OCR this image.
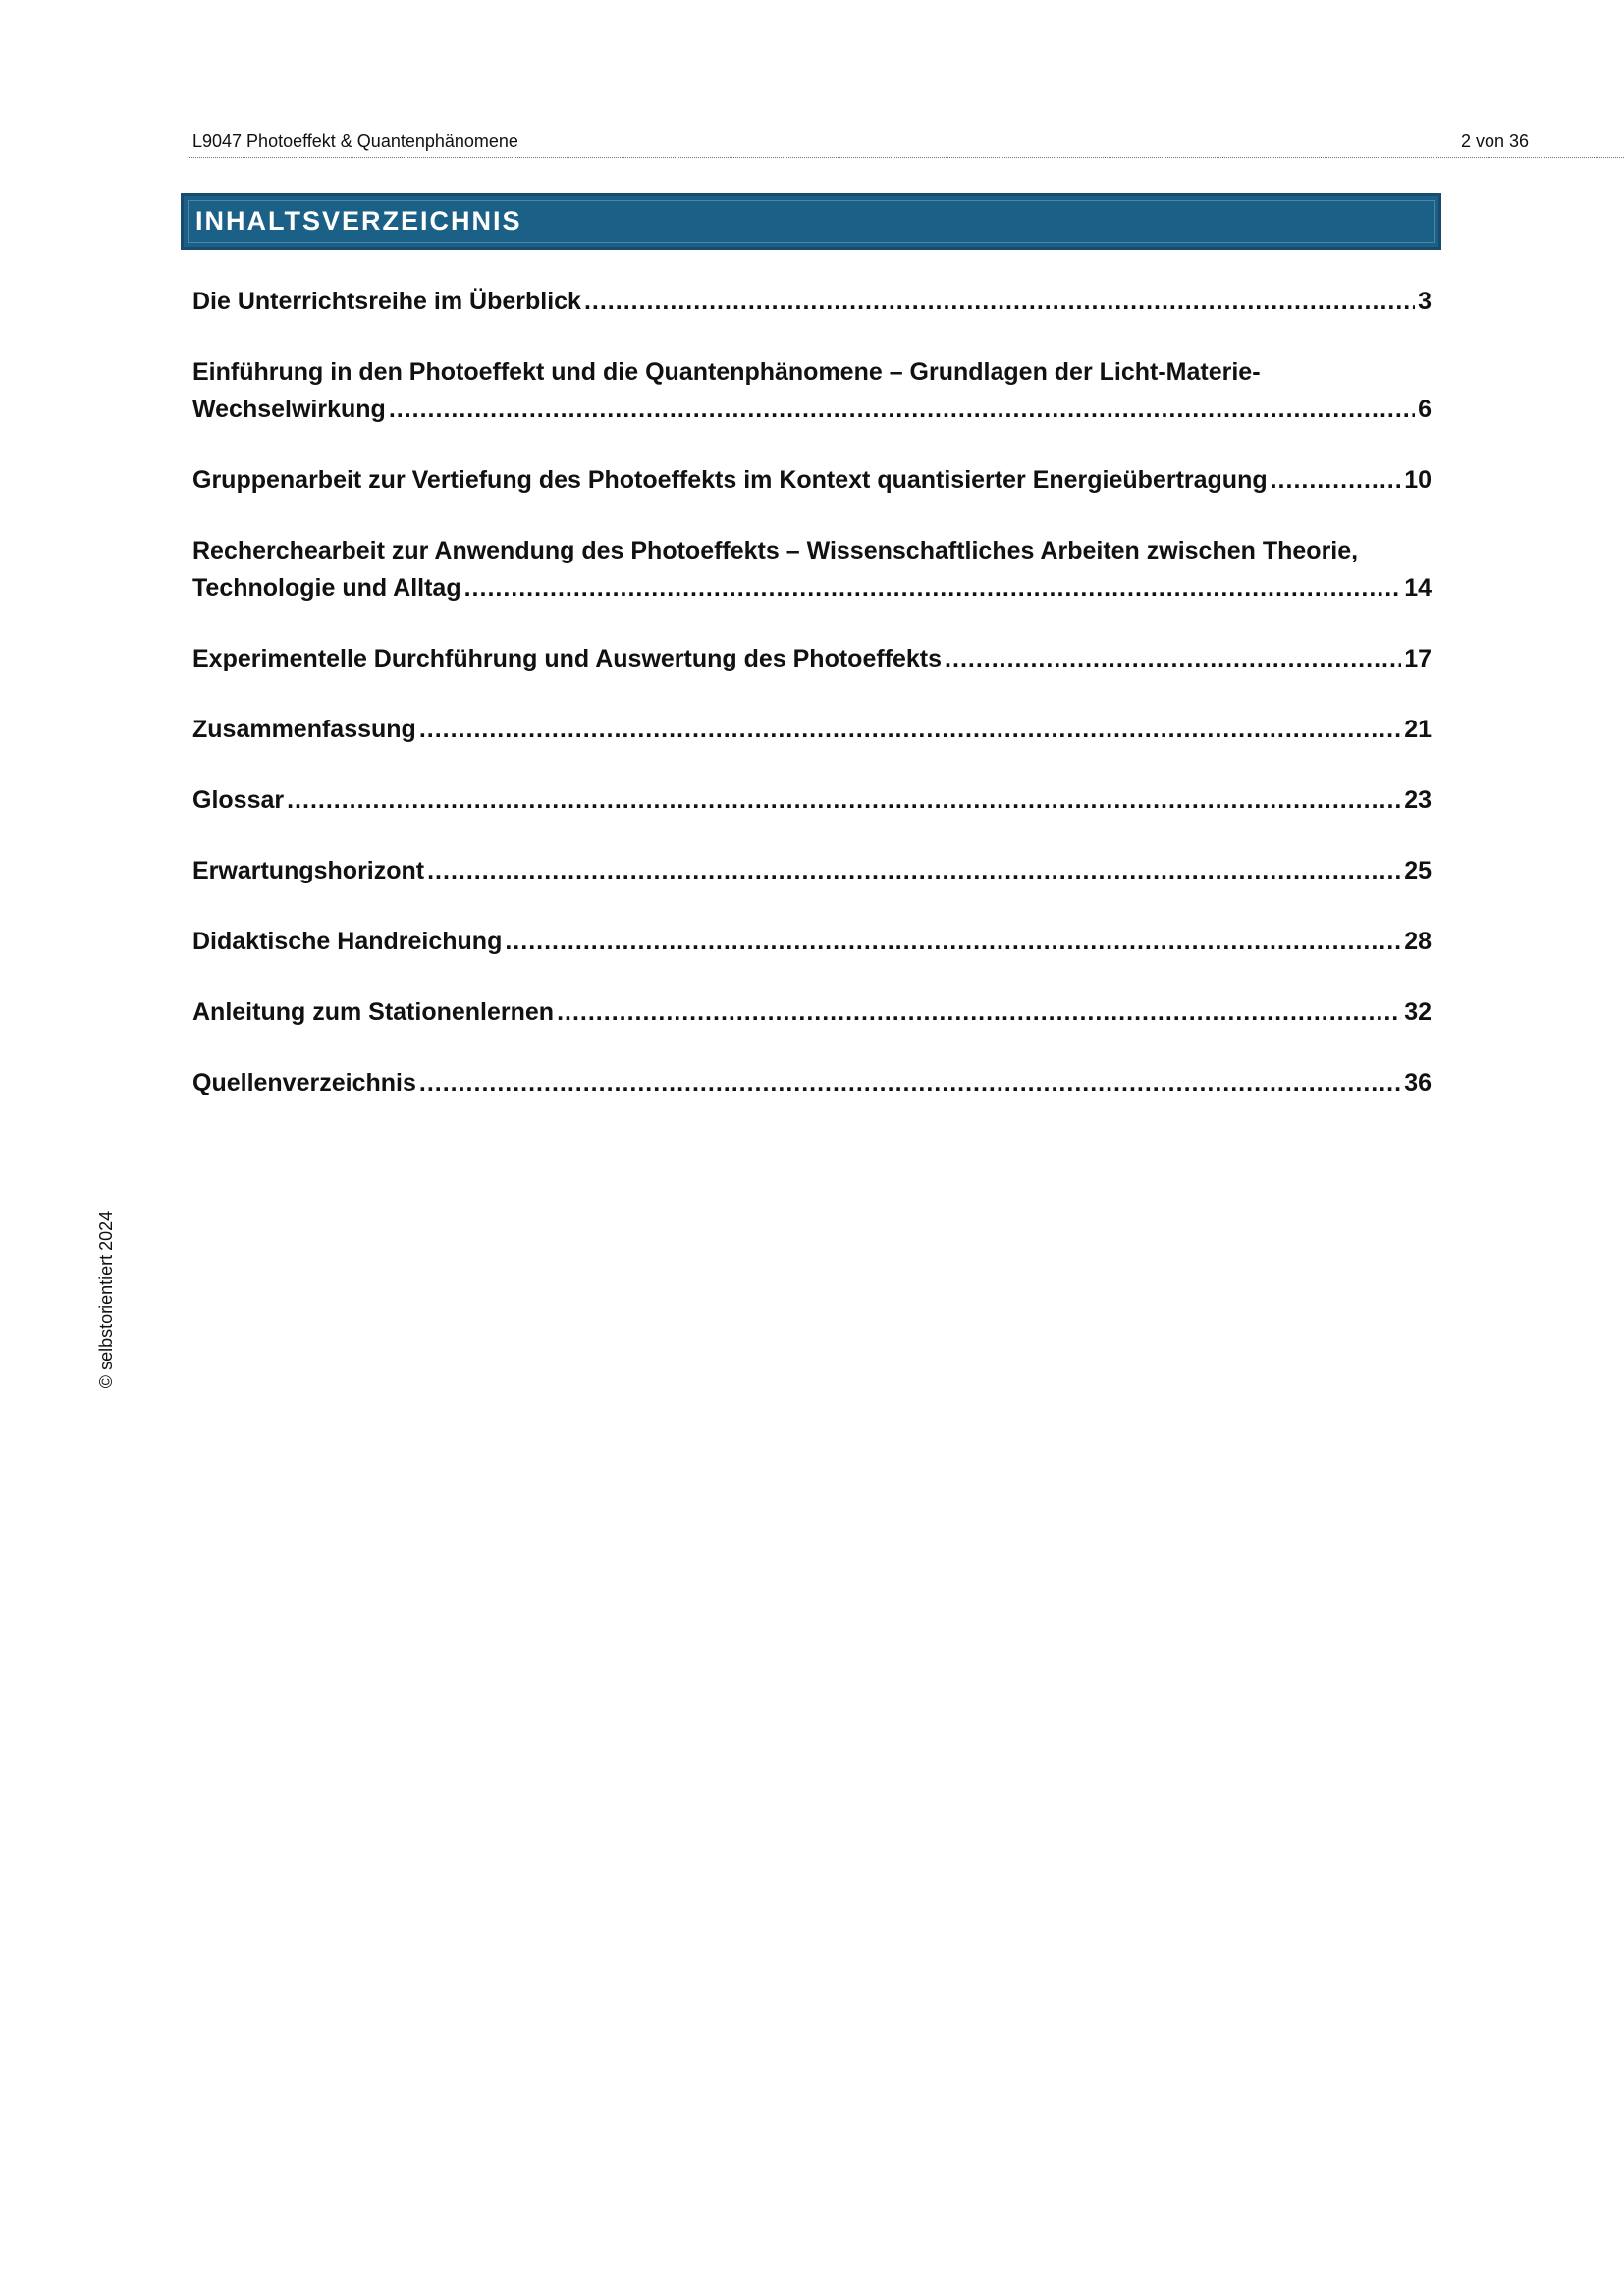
L9047 Photoeffekt & Quantenphänomene	2 von 36
INHALTSVERZEICHNIS
Die Unterrichtsreihe im Überblick .....	3
Einführung in den Photoeffekt und die Quantenphänomene – Grundlagen der Licht-Materie-
Wechselwirkung .....	6
Gruppenarbeit zur Vertiefung des Photoeffekts im Kontext quantisierter Energieübertragung .....	10
Recherchearbeit zur Anwendung des Photoeffekts – Wissenschaftliches Arbeiten zwischen Theorie,
Technologie und Alltag .....	14
Experimentelle Durchführung und Auswertung des Photoeffekts .....	17
Zusammenfassung .....	21
Glossar .....	23
Erwartungshorizont .....	25
Didaktische Handreichung .....	28
Anleitung zum Stationenlernen .....	32
Quellenverzeichnis .....	36
© selbstorientiert 2024
